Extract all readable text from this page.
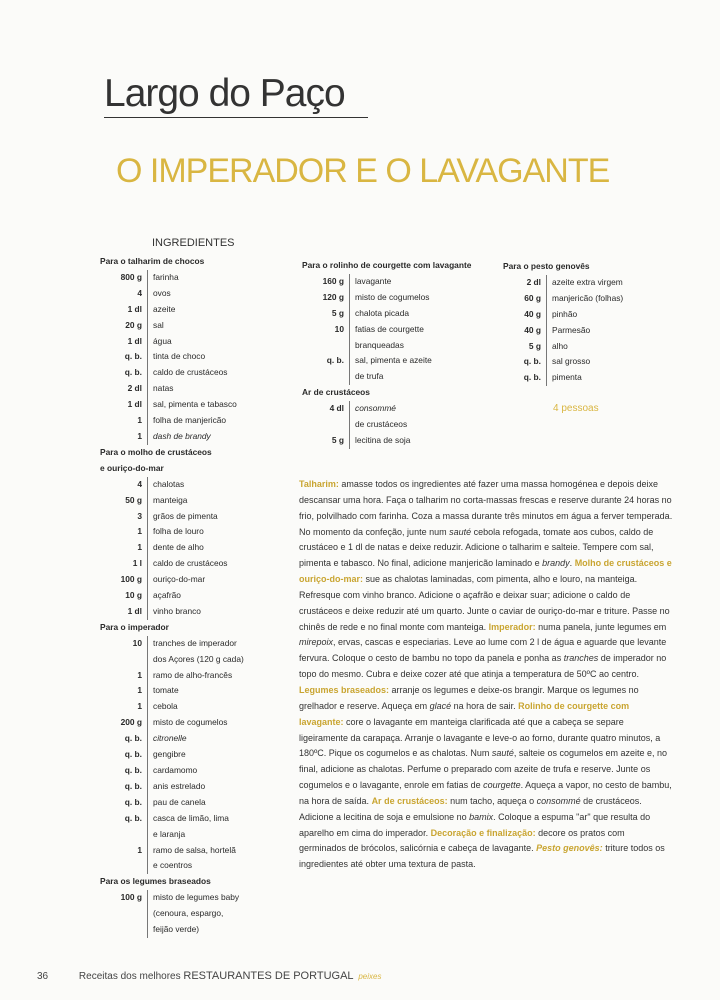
Largo do Paço
O IMPERADOR E O LAVAGANTE
INGREDIENTES
Para o talharim de chocos
800 g	farinha
4	ovos
1 dl	azeite
20 g	sal
1 dl	água
q. b.	tinta de choco
q. b.	caldo de crustáceos
2 dl	natas
1 dl	sal, pimenta e tabasco
1	folha de manjericão
1	dash de brandy
Para o molho de crustáceos
e ouriço-do-mar
4	chalotas
50 g	manteiga
3	grãos de pimenta
1	folha de louro
1	dente de alho
1 l	caldo de crustáceos
100 g	ouriço-do-mar
10 g	açafrão
1 dl	vinho branco
Para o imperador
10	tranches de imperador
dos Açores (120 g cada)
1	ramo de alho-francês
1	tomate
1	cebola
200 g	misto de cogumelos
q. b.	citronelle
q. b.	gengibre
q. b.	cardamomo
q. b.	anis estrelado
q. b.	pau de canela
q. b.	casca de limão, lima
e laranja
1	ramo de salsa, hortelã
e coentros
Para os legumes braseados
100 g	misto de legumes baby
(cenoura, espargo,
feijão verde)
Para o rolinho de courgette com lavagante
160 g	lavagante
120 g	misto de cogumelos
5 g	chalota picada
10	fatias de courgette
branqueadas
q. b.	sal, pimenta e azeite
de trufa
Ar de crustáceos
4 dl	consommé
de crustáceos
5 g	lecitina de soja
Para o pesto genovês
2 dl	azeite extra virgem
60 g	manjericão (folhas)
40 g	pinhão
40 g	Parmesão
5 g	alho
q. b.	sal grosso
q. b.	pimenta
4 pessoas

Talharim: amasse todos os ingredientes até fazer uma massa homogénea e depois deixe descansar uma hora. Faça o talharim no corta-massas frescas e reserve durante 24 horas no frio, polvilhado com farinha. Coza a massa durante três minutos em água a ferver temperada. No momento da confeção, junte num sauté cebola refogada, tomate aos cubos, caldo de crustáceo e 1 dl de natas e deixe reduzir. Adicione o talharim e salteie. Tempere com sal, pimenta e tabasco. No final, adicione manjericão laminado e brandy. Molho de crustáceos e ouriço-do-mar: sue as chalotas laminadas, com pimenta, alho e louro, na manteiga. Refresque com vinho branco. Adicione o açafrão e deixar suar; adicione o caldo de crustáceos e deixe reduzir até um quarto. Junte o caviar de ouriço-do-mar e triture. Passe no chinês de rede e no final monte com manteiga. Imperador: numa panela, junte legumes em mirepoix, ervas, cascas e especiarias. Leve ao lume com 2 l de água e aguarde que levante fervura. Coloque o cesto de bambu no topo da panela e ponha as tranches de imperador no topo do mesmo. Cubra e deixe cozer até que atinja a temperatura de 50ºC ao centro. Legumes braseados: arranje os legumes e deixe-os brangir. Marque os legumes no grelhador e reserve. Aqueça em glacé na hora de sair. Rolinho de courgette com lavagante: core o lavagante em manteiga clarificada até que a cabeça se separe ligeiramente da carapaça. Arranje o lavagante e leve-o ao forno, durante quatro minutos, a 180ºC. Pique os cogumelos e as chalotas. Num sauté, salteie os cogumelos em azeite e, no final, adicione as chalotas. Perfume o preparado com azeite de trufa e reserve. Junte os cogumelos e o lavagante, enrole em fatias de courgette. Aqueça a vapor, no cesto de bambu, na hora de saída. Ar de crustáceos: num tacho, aqueça o consommé de crustáceos. Adicione a lecitina de soja e emulsione no bamix. Coloque a espuma "ar" que resulta do aparelho em cima do imperador. Decoração e finalização: decore os pratos com germinados de brócolos, salicórnia e cabeça de lavagante. Pesto genovês: triture todos os ingredientes até obter uma textura de pasta.

36	Receitas dos melhores RESTAURANTES DE PORTUGAL peixes
